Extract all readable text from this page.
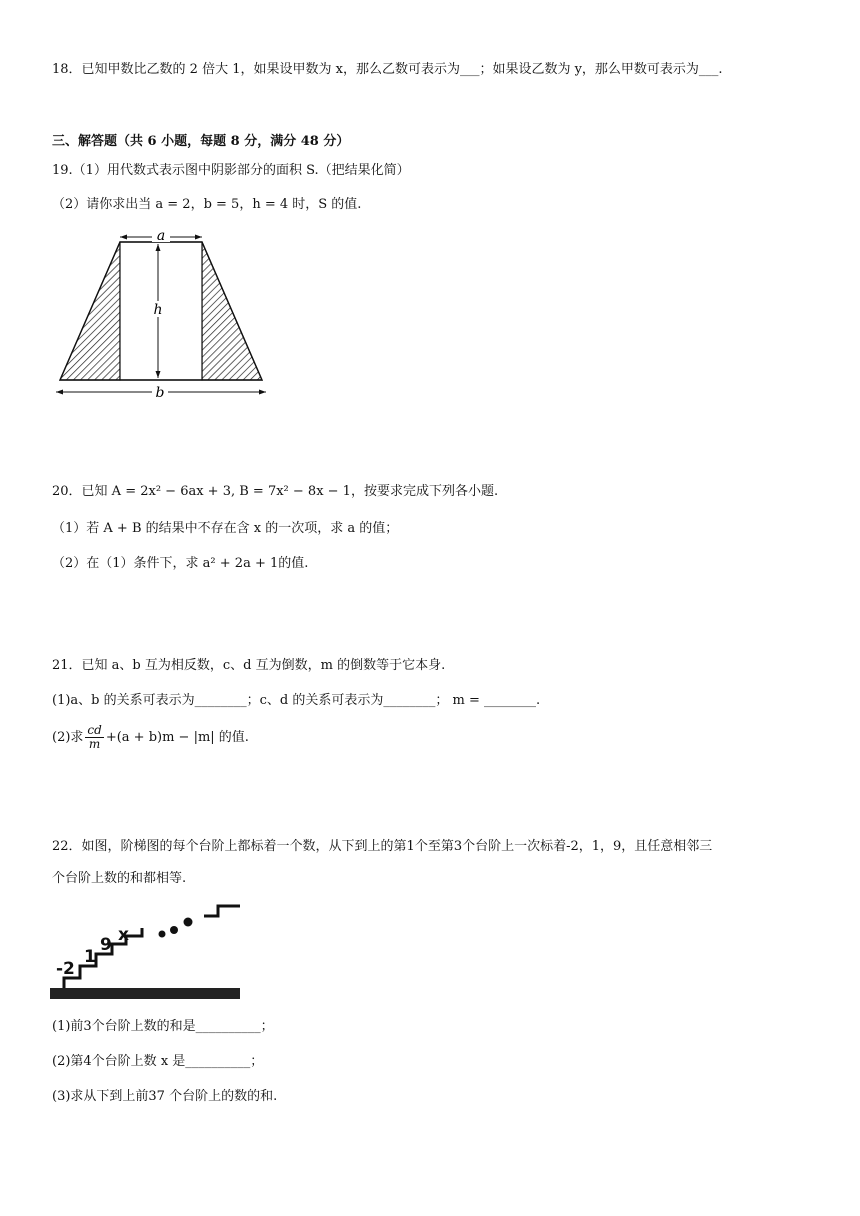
18．已知甲数比乙数的 2 倍大 1，如果设甲数为 x，那么乙数可表示为___；如果设乙数为 y，那么甲数可表示为___.
三、解答题（共 6 小题，每题 8 分，满分 48 分）
19.（1）用代数式表示图中阴影部分的面积 S.（把结果化简）
（2）请你求出当 a = 2，b = 5，h = 4 时，S 的值.
a
h
b
20．已知 A = 2x² − 6ax + 3, B = 7x² − 8x − 1，按要求完成下列各小题.
（1）若 A + B 的结果中不存在含 x 的一次项，求 a 的值；
（2）在（1）条件下，求 a² + 2a + 1的值.
21．已知 a、b 互为相反数，c、d 互为倒数，m 的倒数等于它本身.
(1)a、b 的关系可表示为________；c、d 的关系可表示为________； m = ________.
(2)求 $\frac{cd}{m} +(a + b)m - |m|$ 的值.
22．如图，阶梯图的每个台阶上都标着一个数，从下到上的第1个至第3个台阶上一次标着-2，1，9，且任意相邻三
个台阶上数的和都相等.
-2
1
9 x
(1)前3个台阶上数的和是__________；
(2)第4个台阶上数 x 是__________；
(3)求从下到上前37 个台阶上的数的和.
